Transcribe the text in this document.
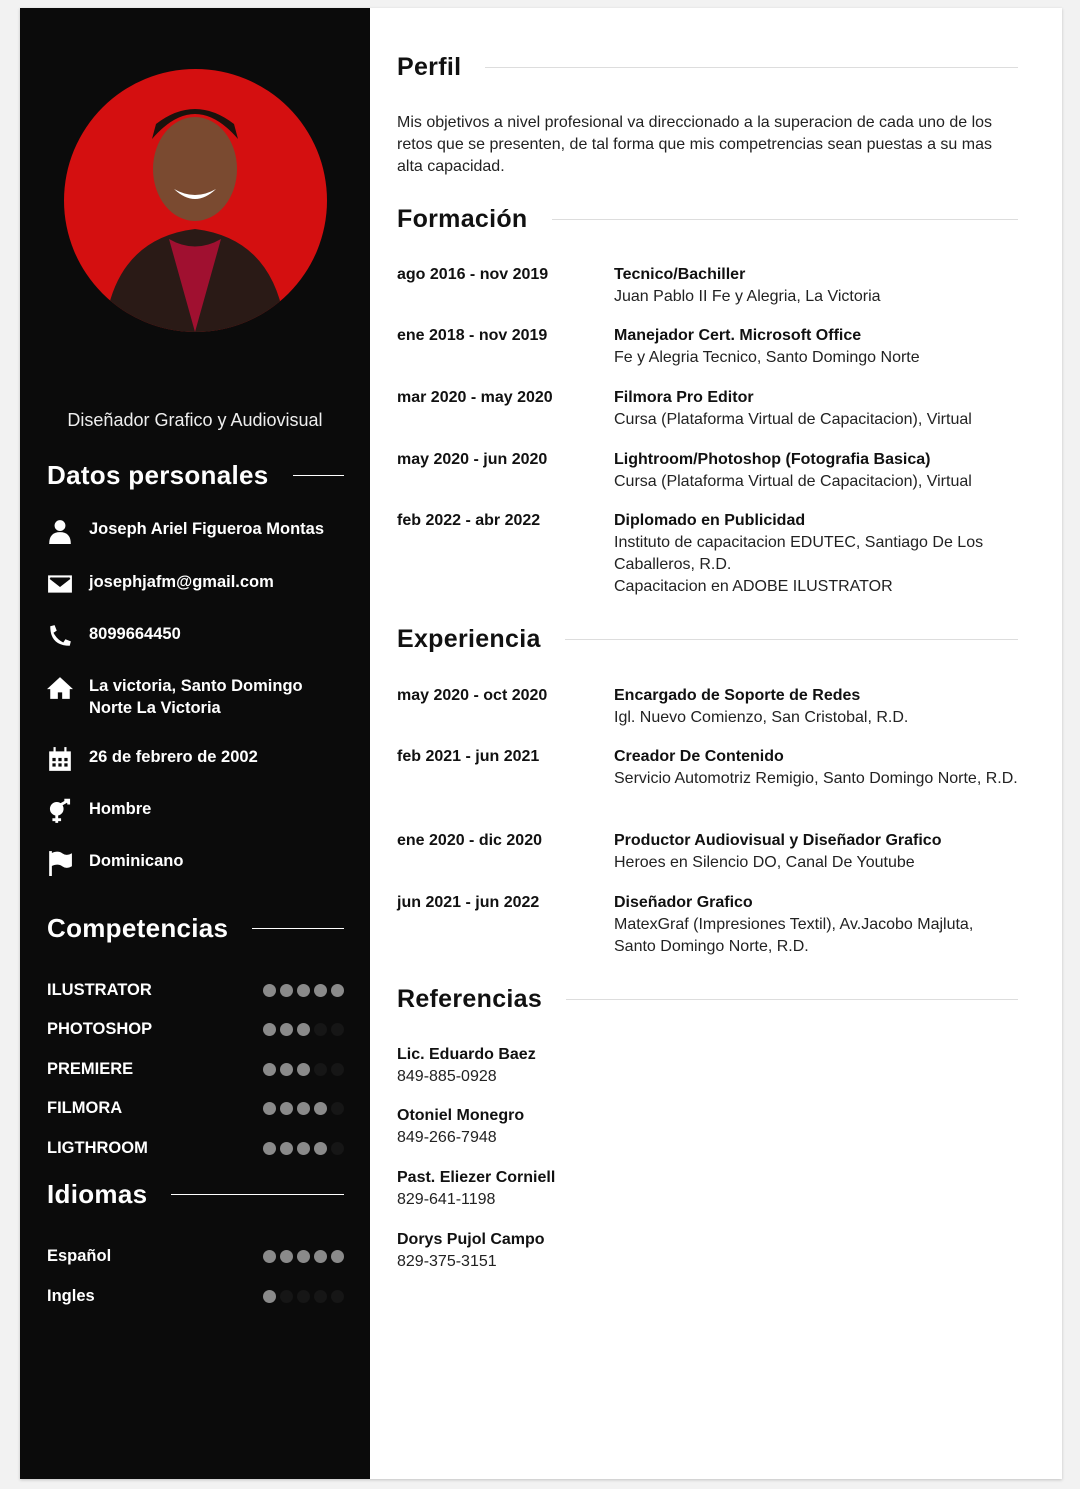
Diseñador Grafico y Audiovisual
Datos personales
Joseph Ariel Figueroa Montas
josephjafm@gmail.com
8099664450
La victoria, Santo Domingo Norte La Victoria
26 de febrero de 2002
Hombre
Dominicano
Competencias
ILUSTRATOR
PHOTOSHOP
PREMIERE
FILMORA
LIGTHROOM
Idiomas
Español
Ingles
Perfil
Mis objetivos a nivel profesional va direccionado a la superacion de cada uno de los retos que se presenten, de tal forma que mis competrencias sean puestas a su mas alta capacidad.
Formación
ago 2016 - nov 2019	Tecnico/Bachiller
Juan Pablo II Fe y Alegria, La Victoria
ene 2018 - nov 2019	Manejador Cert. Microsoft Office
Fe y Alegria Tecnico, Santo Domingo Norte
mar 2020 - may 2020	Filmora Pro Editor
Cursa (Plataforma Virtual de Capacitacion), Virtual
may 2020 - jun 2020	Lightroom/Photoshop (Fotografia Basica)
Cursa (Plataforma Virtual de Capacitacion), Virtual
feb 2022 - abr 2022	Diplomado en Publicidad
Instituto de capacitacion EDUTEC, Santiago De Los Caballeros, R.D.
Capacitacion en ADOBE ILUSTRATOR
Experiencia
may 2020 - oct 2020	Encargado de Soporte de Redes
Igl. Nuevo Comienzo, San Cristobal, R.D.
feb 2021 - jun 2021	Creador De Contenido
Servicio Automotriz Remigio, Santo Domingo Norte, R.D.
ene 2020 - dic 2020	Productor Audiovisual y Diseñador Grafico
Heroes en Silencio DO, Canal De Youtube
jun 2021 - jun 2022	Diseñador Grafico
MatexGraf (Impresiones Textil), Av.Jacobo Majluta, Santo Domingo Norte, R.D.
Referencias
Lic. Eduardo Baez
849-885-0928
Otoniel Monegro
849-266-7948
Past. Eliezer Corniell
829-641-1198
Dorys Pujol Campo
829-375-3151
